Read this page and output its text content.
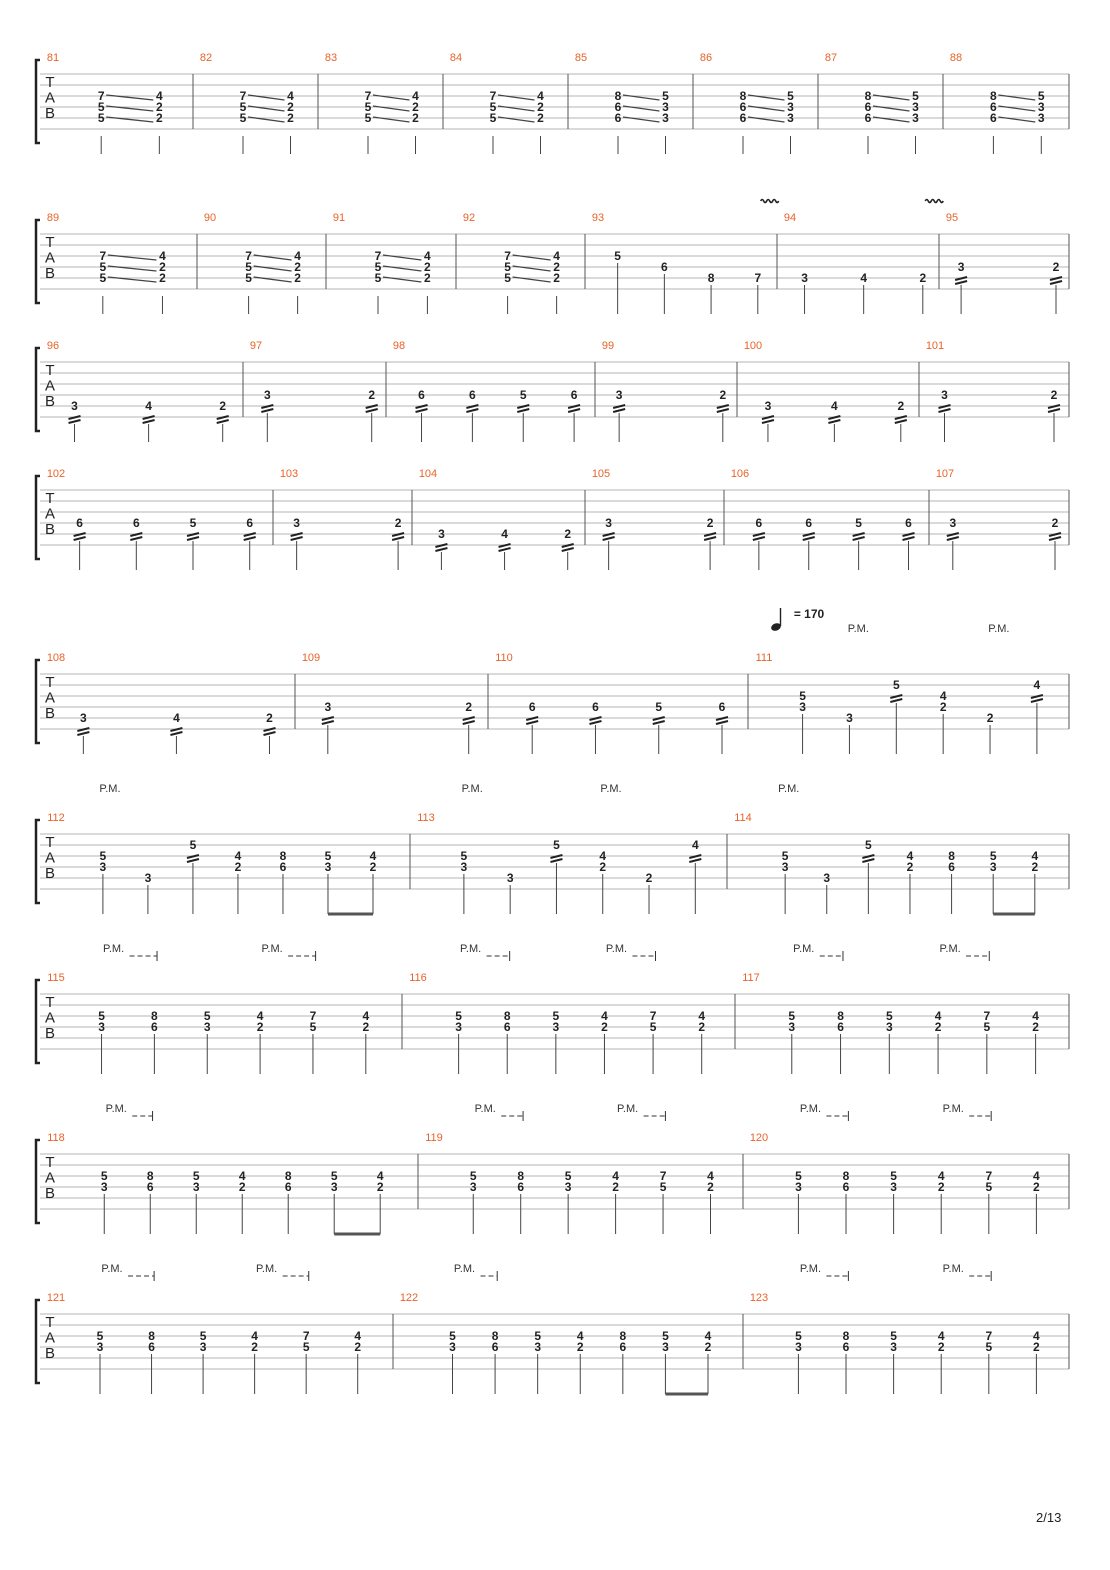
T
A
B
81
7	4
5	2
5	2
82
7	4
5	2
5	2
83
7	4
5	2
5	2
84
7	4
5	2
5	2
85
8	5
6	3
6	3
86
8	5
6	3
6	3
87
8	5
6	3
6	3
88
8	5
6	3
6	3
T
A
B
89
7	4
5	2
5	2
90
7	4
5	2
5	2
91
7	4
5	2
5	2
92
7	4
5	2
5	2
93
5
6
8	7
94
3	4	2
95
3	2
T
A
B
96
3	4	2
97
3	2
98
6	6	5	6
99
3	2
100
3	4	2
101
3	2
T
A
B
102
6	6	5	6
103
3	2
104
3	4	2
105
3	2
106
6	6	5	6
107
3	2
T
A
B
108
3	4	2
109
3	2
110
6	6	5	6
111
= 170
5
3
3
5
P.M.
4
2
2
4
P.M.
T
A
B
112
5
3
3
P.M.
5
4
2
8
6
5
3
4
2
113
5
3
3
P.M.
5
4
2
2
P.M.
4
114
5
3
3
P.M.
5
4
2
8
6
5
3
4
2
T
A
B
115
5
3
P.M.
8
6
5
3
4
2
P.M.
7
5
4
2
116
5
3
P.M.
8
6
5
3
4
2
P.M.
7
5
4
2
117
5
3
P.M.
8
6
5
3
4
2
P.M.
7
5
4
2
T
A
B
118
5
3
P.M.
8
6
5
3
4
2
8
6
5
3
4
2
119
5
3
P.M.
8
6
5
3
4
2
P.M.
7
5
4
2
120
5
3
P.M.
8
6
5
3
4
2
P.M.
7
5
4
2
T
A
B
121
5
3
P.M.
8
6
5
3
4
2
P.M.
7
5
4
2
122
5
3
P.M.
8
6
5
3
4
2
8
6
5
3
4
2
123
5
3
P.M.
8
6
5
3
4
2
P.M.
7
5
4
2
2/13
